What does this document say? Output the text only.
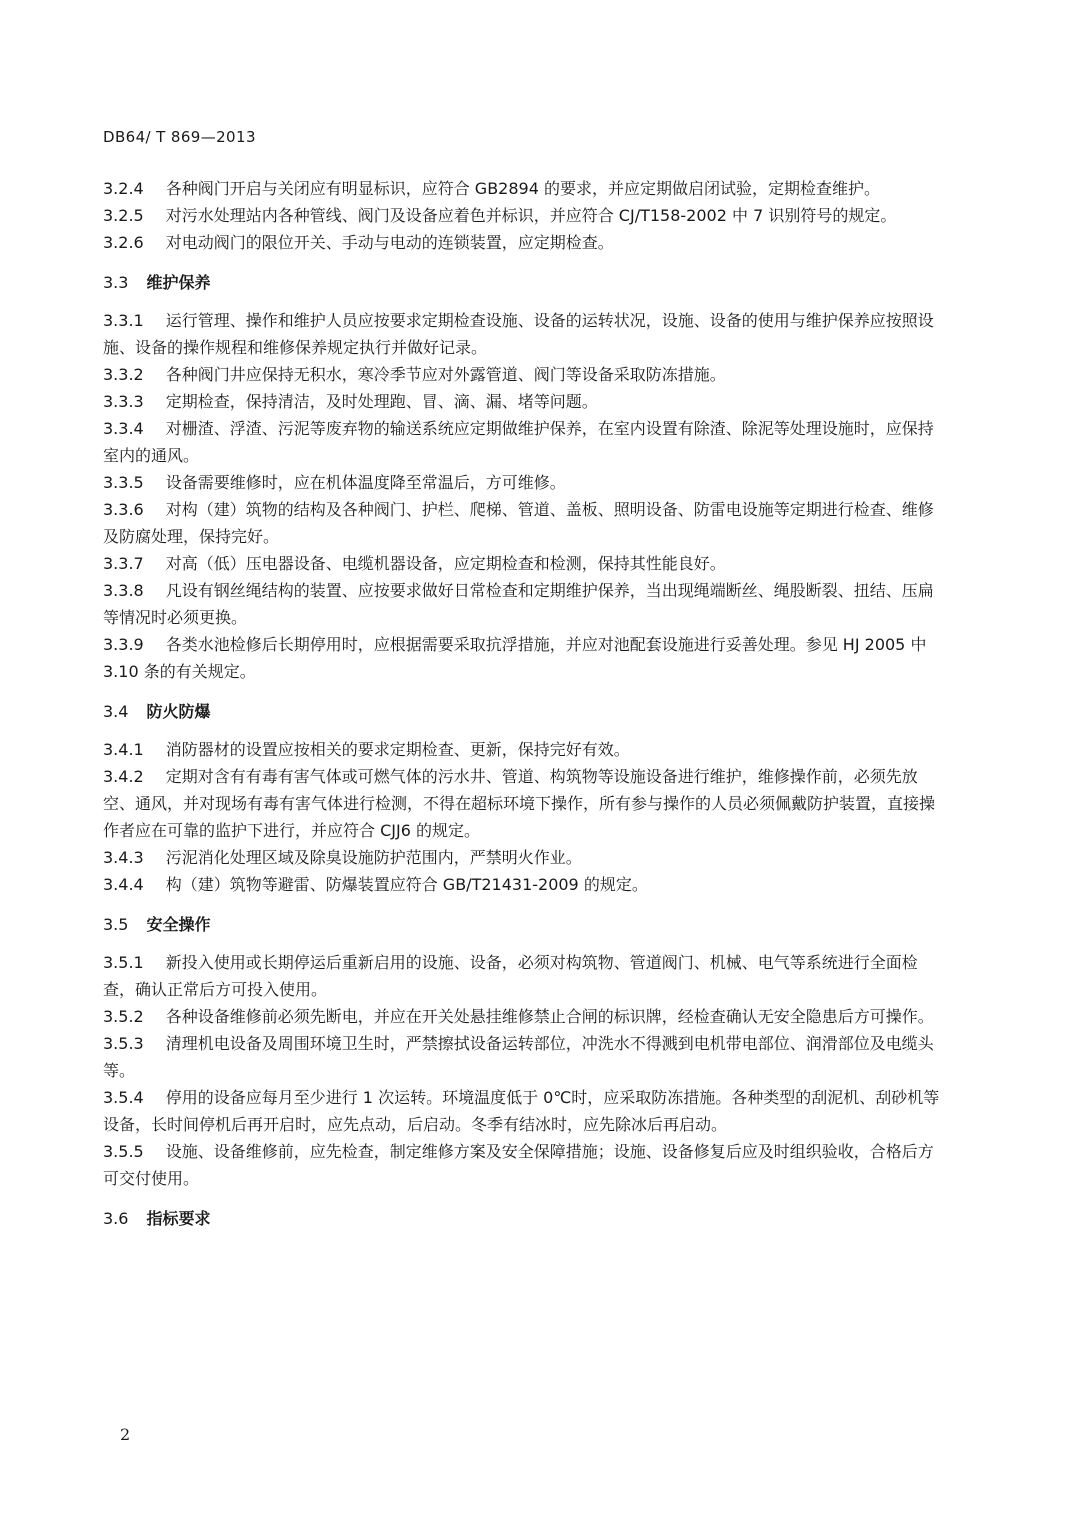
DB64/ T 869—2013

3.2.4 各种阀门开启与关闭应有明显标识，应符合 GB2894 的要求，并应定期做启闭试验，定期检查维护。

3.2.5 对污水处理站内各种管线、阀门及设备应着色并标识，并应符合 CJ/T158-2002 中 7 识别符号的规定。

3.2.6 对电动阀门的限位开关、手动与电动的连锁装置，应定期检查。

3.3 维护保养

3.3.1 运行管理、操作和维护人员应按要求定期检查设施、设备的运转状况，设施、设备的使用与维护保养应按照设施、设备的操作规程和维修保养规定执行并做好记录。

3.3.2 各种阀门井应保持无积水，寒冷季节应对外露管道、阀门等设备采取防冻措施。

3.3.3 定期检查，保持清洁，及时处理跑、冒、滴、漏、堵等问题。

3.3.4 对栅渣、浮渣、污泥等废弃物的输送系统应定期做维护保养，在室内设置有除渣、除泥等处理设施时，应保持室内的通风。

3.3.5 设备需要维修时，应在机体温度降至常温后，方可维修。

3.3.6 对构（建）筑物的结构及各种阀门、护栏、爬梯、管道、盖板、照明设备、防雷电设施等定期进行检查、维修及防腐处理，保持完好。

3.3.7 对高（低）压电器设备、电缆机器设备，应定期检查和检测，保持其性能良好。

3.3.8 凡设有钢丝绳结构的装置、应按要求做好日常检查和定期维护保养，当出现绳端断丝、绳股断裂、扭结、压扁等情况时必须更换。

3.3.9 各类水池检修后长期停用时，应根据需要采取抗浮措施，并应对池配套设施进行妥善处理。参见 HJ 2005 中 3.10 条的有关规定。

3.4 防火防爆

3.4.1 消防器材的设置应按相关的要求定期检查、更新，保持完好有效。

3.4.2 定期对含有有毒有害气体或可燃气体的污水井、管道、构筑物等设施设备进行维护，维修操作前，必须先放空、通风，并对现场有毒有害气体进行检测，不得在超标环境下操作，所有参与操作的人员必须佩戴防护装置，直接操作者应在可靠的监护下进行，并应符合 CJJ6 的规定。

3.4.3 污泥消化处理区域及除臭设施防护范围内，严禁明火作业。

3.4.4 构（建）筑物等避雷、防爆装置应符合 GB/T21431-2009 的规定。

3.5 安全操作

3.5.1 新投入使用或长期停运后重新启用的设施、设备，必须对构筑物、管道阀门、机械、电气等系统进行全面检查，确认正常后方可投入使用。

3.5.2 各种设备维修前必须先断电，并应在开关处悬挂维修禁止合闸的标识牌，经检查确认无安全隐患后方可操作。

3.5.3 清理机电设备及周围环境卫生时，严禁擦拭设备运转部位，冲洗水不得溅到电机带电部位、润滑部位及电缆头等。

3.5.4 停用的设备应每月至少进行 1 次运转。环境温度低于 0℃时，应采取防冻措施。各种类型的刮泥机、刮砂机等设备，长时间停机后再开启时，应先点动，后启动。冬季有结冰时，应先除冰后再启动。

3.5.5 设施、设备维修前，应先检查，制定维修方案及安全保障措施；设施、设备修复后应及时组织验收，合格后方可交付使用。

3.6 指标要求
2
